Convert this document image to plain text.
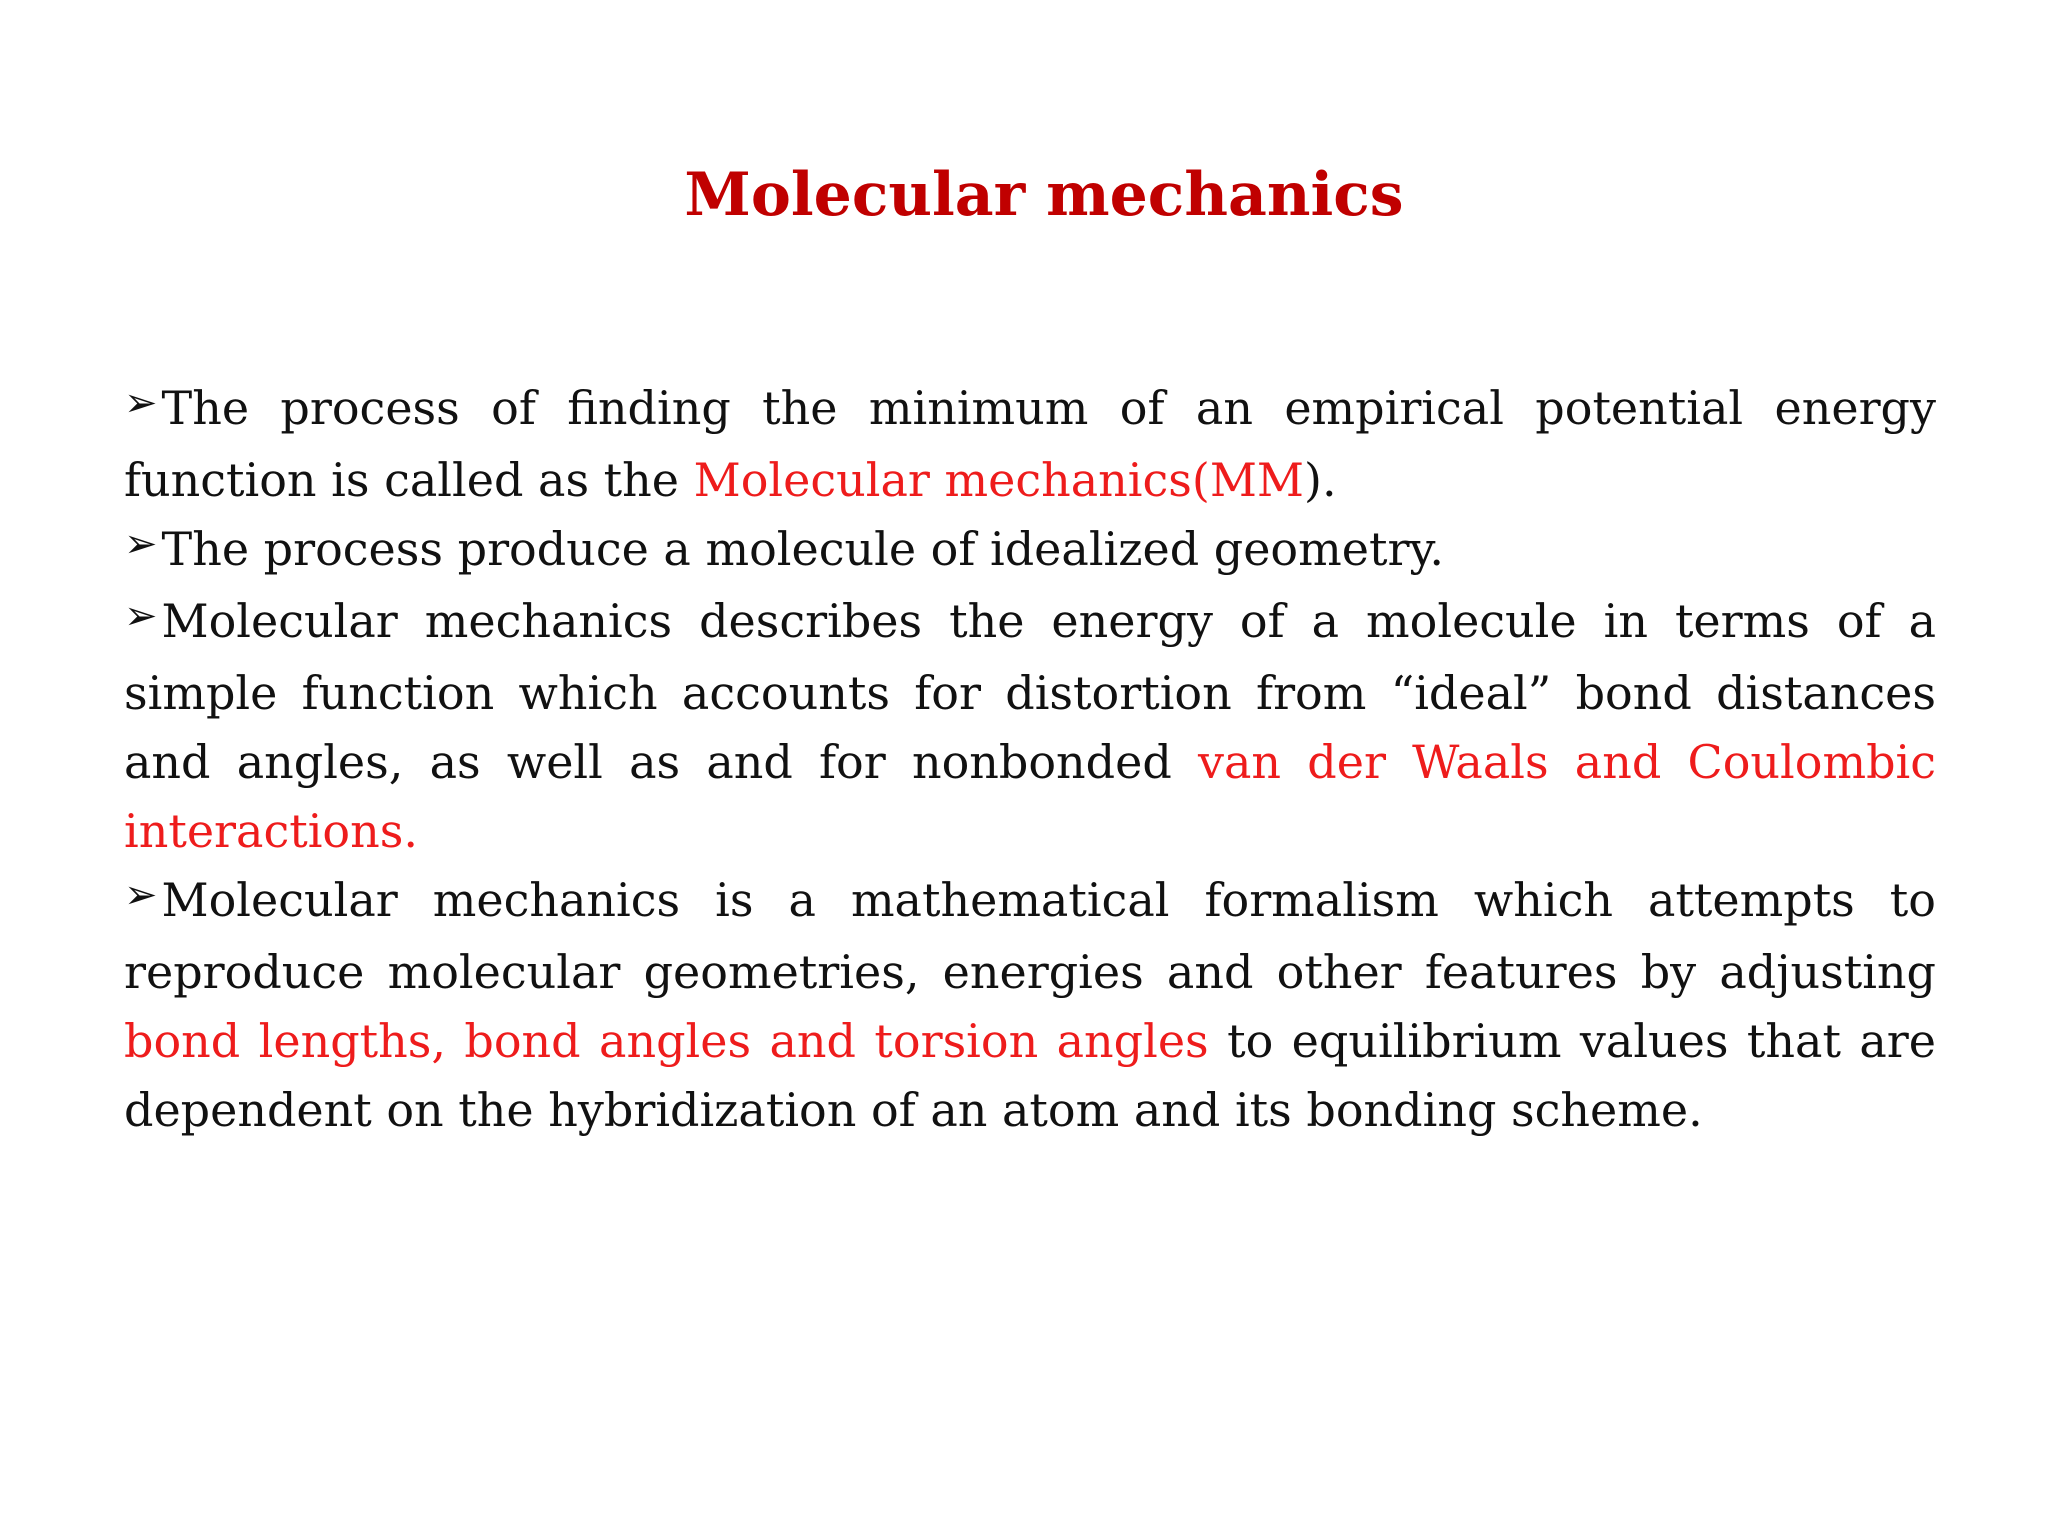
Molecular mechanics

➢The process of finding the minimum of an empirical potential energy function is called as the Molecular mechanics(MM).

➢The process produce a molecule of idealized geometry.

➢Molecular mechanics describes the energy of a molecule in terms of a simple function which accounts for distortion from “ideal” bond distances and angles, as well as and for nonbonded van der Waals and Coulombic interactions.

➢Molecular mechanics is a mathematical formalism which attempts to reproduce molecular geometries, energies and other features by adjusting bond lengths, bond angles and torsion angles to equilibrium values that are dependent on the hybridization of an atom and its bonding scheme.
